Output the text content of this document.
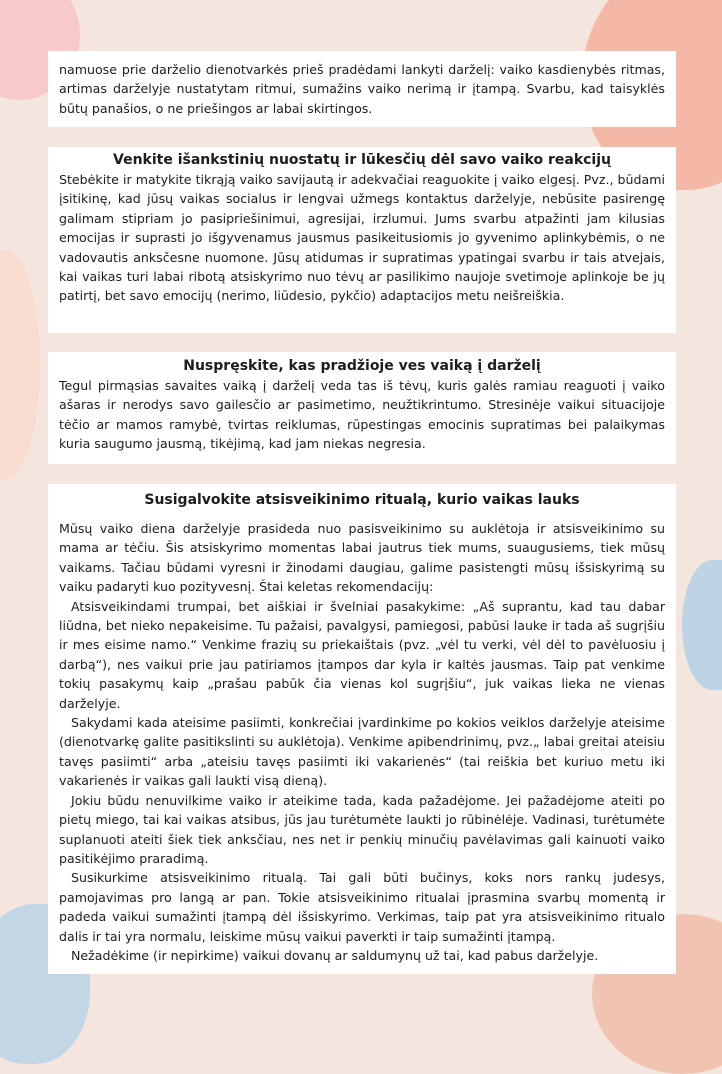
namuose prie darželio dienotvarkės prieš pradėdami lankyti darželį: vaiko kasdienybės ritmas, artimas darželyje nustatytam ritmui, sumažins vaiko nerimą ir įtampą. Svarbu, kad taisyklės būtų panašios, o ne priešingos ar labai skirtingos.

Venkite išankstinių nuostatų ir lūkesčių dėl savo vaiko reakcijų

Stebėkite ir matykite tikrąją vaiko savijautą ir adekvačiai reaguokite į vaiko elgesį. Pvz., būdami įsitikinę, kad jūsų vaikas socialus ir lengvai užmegs kontaktus darželyje, nebūsite pasirengę galimam stipriam jo pasipriešinimui, agresijai, irzlumui. Jums svarbu atpažinti jam kilusias emocijas ir suprasti jo išgyvenamus jausmus pasikeitusiomis jo gyvenimo aplinkybėmis, o ne vadovautis anksčesne nuomone. Jūsų atidumas ir supratimas ypatingai svarbu ir tais atvejais, kai vaikas turi labai ribotą atsiskyrimo nuo tėvų ar pasilikimo naujoje svetimoje aplinkoje be jų patirtį, bet savo emocijų (nerimo, liūdesio, pykčio) adaptacijos metu neišreiškia.

Nuspręskite, kas pradžioje ves vaiką į darželį

Tegul pirmąsias savaites vaiką į darželį veda tas iš tėvų, kuris galės ramiau reaguoti į vaiko ašaras ir nerodys savo gailesčio ar pasimetimo, neužtikrintumo. Stresinėje vaikui situacijoje tėčio ar mamos ramybė, tvirtas reiklumas, rūpestingas emocinis supratimas bei palaikymas kuria saugumo jausmą, tikėjimą, kad jam niekas negresia.

Susigalvokite atsisveikinimo ritualą, kurio vaikas lauks

Mūsų vaiko diena darželyje prasideda nuo pasisveikinimo su auklėtoja ir atsisveikinimo su mama ar tėčiu. Šis atsiskyrimo momentas labai jautrus tiek mums, suaugusiems, tiek mūsų vaikams. Tačiau būdami vyresni ir žinodami daugiau, galime pasistengti mūsų išsiskyrimą su vaiku padaryti kuo pozityvesnį. Štai keletas rekomendacijų:

Atsisveikindami trumpai, bet aiškiai ir švelniai pasakykime: „Aš suprantu, kad tau dabar liūdna, bet nieko nepakeisime. Tu pažaisi, pavalgysi, pamiegosi, pabūsi lauke ir tada aš sugrįšiu ir mes eisime namo.“ Venkime frazių su priekaištais (pvz. „vėl tu verki, vėl dėl to pavėluosiu į darbą“), nes vaikui prie jau patiriamos įtampos dar kyla ir kaltės jausmas. Taip pat venkime tokių pasakymų kaip „prašau pabūk čia vienas kol sugrįšiu“, juk vaikas lieka ne vienas darželyje.

Sakydami kada ateisime pasiimti, konkrečiai įvardinkime po kokios veiklos darželyje ateisime (dienotvarkę galite pasitikslinti su auklėtoja). Venkime apibendrinimų, pvz.„ labai greitai ateisiu tavęs pasiimti“ arba „ateisiu tavęs pasiimti iki vakarienės“ (tai reiškia bet kuriuo metu iki vakarienės ir vaikas gali laukti visą dieną).

Jokiu būdu nenuvilkime vaiko ir ateikime tada, kada pažadėjome. Jei pažadėjome ateiti po pietų miego, tai kai vaikas atsibus, jūs jau turėtumėte laukti jo rūbinėlėje. Vadinasi, turėtumėte suplanuoti ateiti šiek tiek anksčiau, nes net ir penkių minučių pavėlavimas gali kainuoti vaiko pasitikėjimo praradimą.

Susikurkime atsisveikinimo ritualą. Tai gali būti bučinys, koks nors rankų judesys, pamojavimas pro langą ar pan. Tokie atsisveikinimo ritualai įprasmina svarbų momentą ir padeda vaikui sumažinti įtampą dėl išsiskyrimo. Verkimas, taip pat yra atsisveikinimo ritualo dalis ir tai yra normalu, leiskime mūsų vaikui paverkti ir taip sumažinti įtampą.

Nežadėkime (ir nepirkime) vaikui dovanų ar saldumynų už tai, kad pabus darželyje.
